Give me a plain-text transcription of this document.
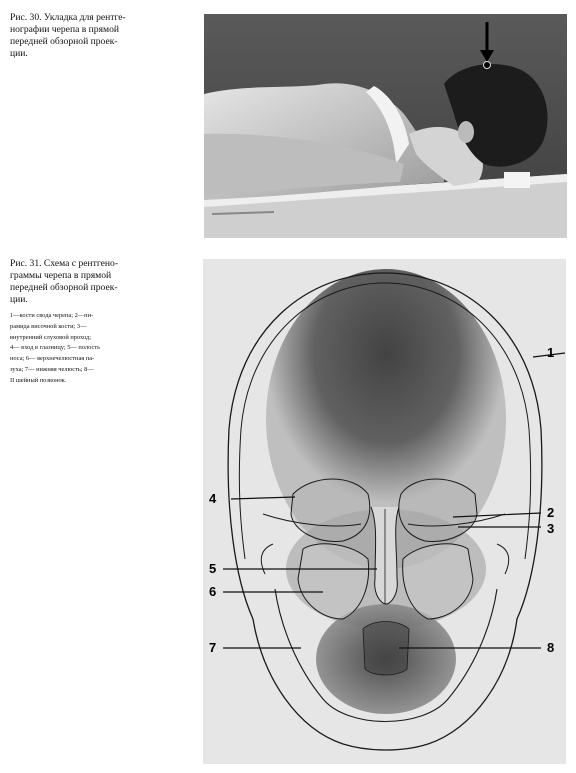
Рис. 30. Укладка для рентге-
нографии черепа в прямой
передней обзорной проек-
ции.
Рис. 31. Схема с рентгено-
граммы черепа в прямой
передней обзорной проек-
ции.
1—кости свода черепа; 2—пи-
рамида височной кости; 3—
внутренний слуховой проход;
4— вход в глазницу; 5— полость
носа; 6— верхнечелюстная па-
зуха; 7— нижняя челюсть; 8—
II шейный позвонок.
1
4
2
3
5
6
7	8
